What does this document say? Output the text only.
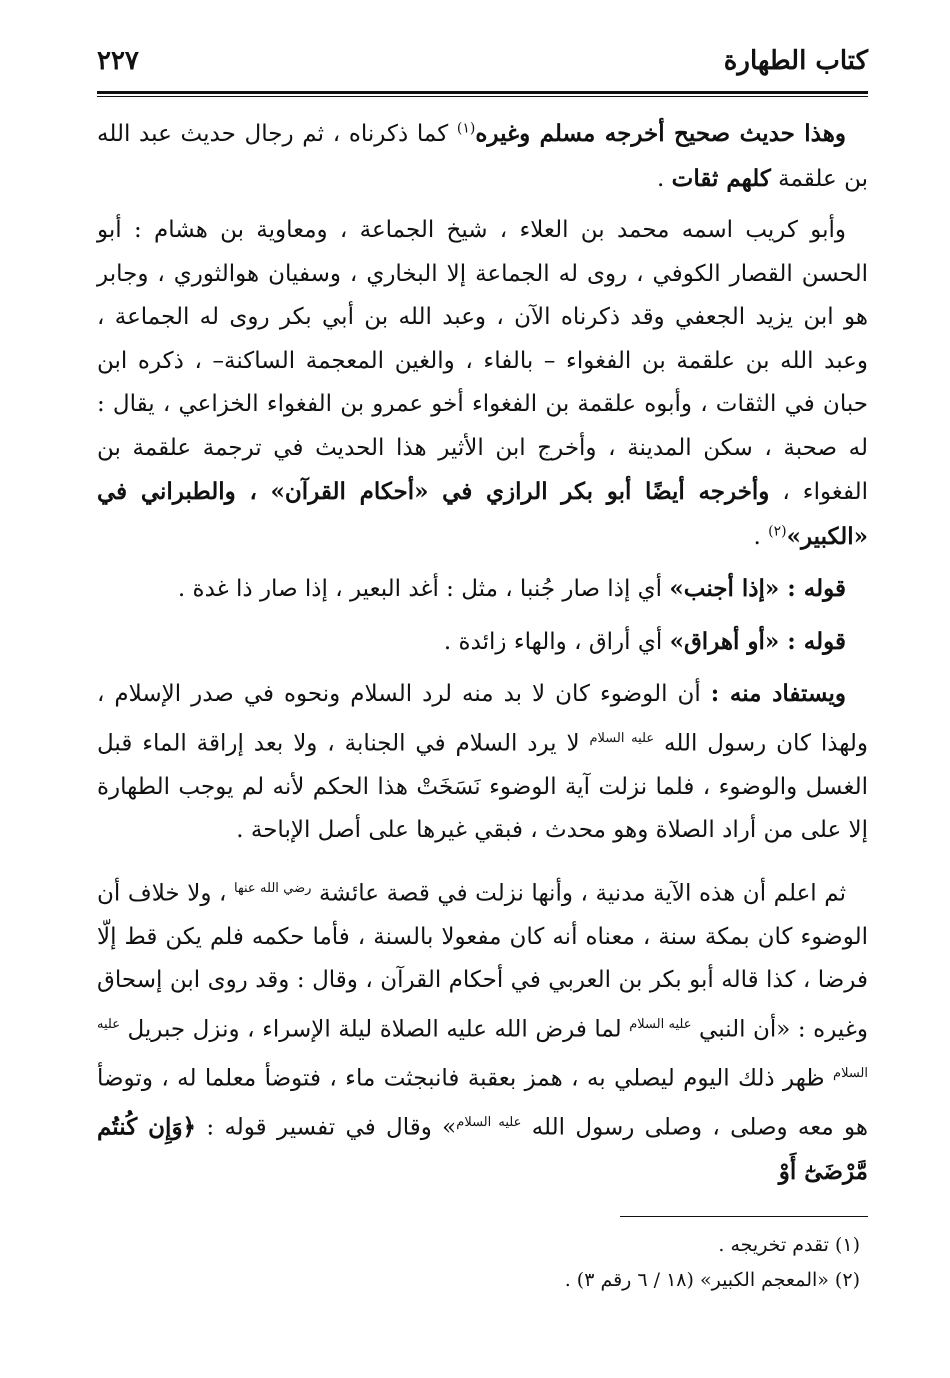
كتاب الطهارة
٢٢٧

وهذا حديث صحيح أخرجه مسلم وغيره$^{(١)}$ كما ذكرناه ، ثم رجال حديث عبد الله بن علقمة كلهم ثقات .

وأبو كريب اسمه محمد بن العلاء ، شيخ الجماعة ، ومعاوية بن هشام : أبو الحسن القصار الكوفي ، روى له الجماعة إلا البخاري ، وسفيان هوالثوري ، وجابر هو ابن يزيد الجعفي وقد ذكرناه الآن ، وعبد الله بن أبي بكر روى له الجماعة ، وعبد الله بن علقمة بن الفغواء – بالفاء ، والغين المعجمة الساكنة– ، ذكره ابن حبان في الثقات ، وأبوه علقمة بن الفغواء أخو عمرو بن الفغواء الخزاعي ، يقال : له صحبة ، سكن المدينة ، وأخرج ابن الأثير هذا الحديث في ترجمة علقمة بن الفغواء ، وأخرجه أيضًا أبو بكر الرازي في «أحكام القرآن» ، والطبراني في «الكبير»$^{(٢)}$ .

قوله : «إذا أجنب» أي إذا صار جُنبا ، مثل : أغد البعير ، إذا صار ذا غدة .

قوله : «أو أهراق» أي أراق ، والهاء زائدة .

ويستفاد منه : أن الوضوء كان لا بد منه لرد السلام ونحوه في صدر الإسلام ، ولهذا كان رسول الله $^{عليه السلام}$ لا يرد السلام في الجنابة ، ولا بعد إراقة الماء قبل الغسل والوضوء ، فلما نزلت آية الوضوء نَسَخَتْ هذا الحكم لأنه لم يوجب الطهارة إلا على من أراد الصلاة وهو محدث ، فبقي غيرها على أصل الإباحة .

ثم اعلم أن هذه الآية مدنية ، وأنها نزلت في قصة عائشة $^{رضي الله عنها}$ ، ولا خلاف أن الوضوء كان بمكة سنة ، معناه أنه كان مفعولا بالسنة ، فأما حكمه فلم يكن قط إلّا فرضا ، كذا قاله أبو بكر بن العربي في أحكام القرآن ، وقال : وقد روى ابن إسحاق وغيره : «أن النبي $^{عليه السلام}$ لما فرض الله عليه الصلاة ليلة الإسراء ، ونزل جبريل $^{عليه السلام}$ ظهر ذلك اليوم ليصلي به ، همز بعقبة فانبجثت ماء ، فتوضأ معلما له ، وتوضأ هو معه وصلى ، وصلى رسول الله $^{عليه السلام}$» وقال في تفسير قوله : ﴿وَإِن كُنتُم مَّرْضَىٰٓ أَوْ

(١) تقدم تخريجه .

(٢) «المعجم الكبير» (١٨ / ٦ رقم ٣) .
